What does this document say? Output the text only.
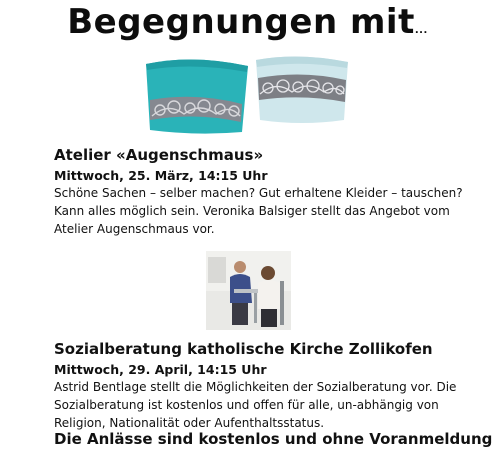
Begegnungen mit...
Atelier «Augenschmaus»
Mittwoch, 25. März, 14:15 Uhr
Schöne Sachen – selber machen? Gut erhaltene Kleider – tauschen?
Kann alles möglich sein. Veronika Balsiger stellt das Angebot vom
Atelier Augenschmaus vor.
Sozialberatung katholische Kirche Zollikofen
Mittwoch, 29. April, 14:15 Uhr
Astrid Bentlage stellt die Möglichkeiten der Sozialberatung vor. Die
Sozialberatung ist kostenlos und offen für alle, un-abhängig von
Religion, Nationalität oder Aufenthaltsstatus.
Die Anlässe sind kostenlos und ohne Voranmeldung
